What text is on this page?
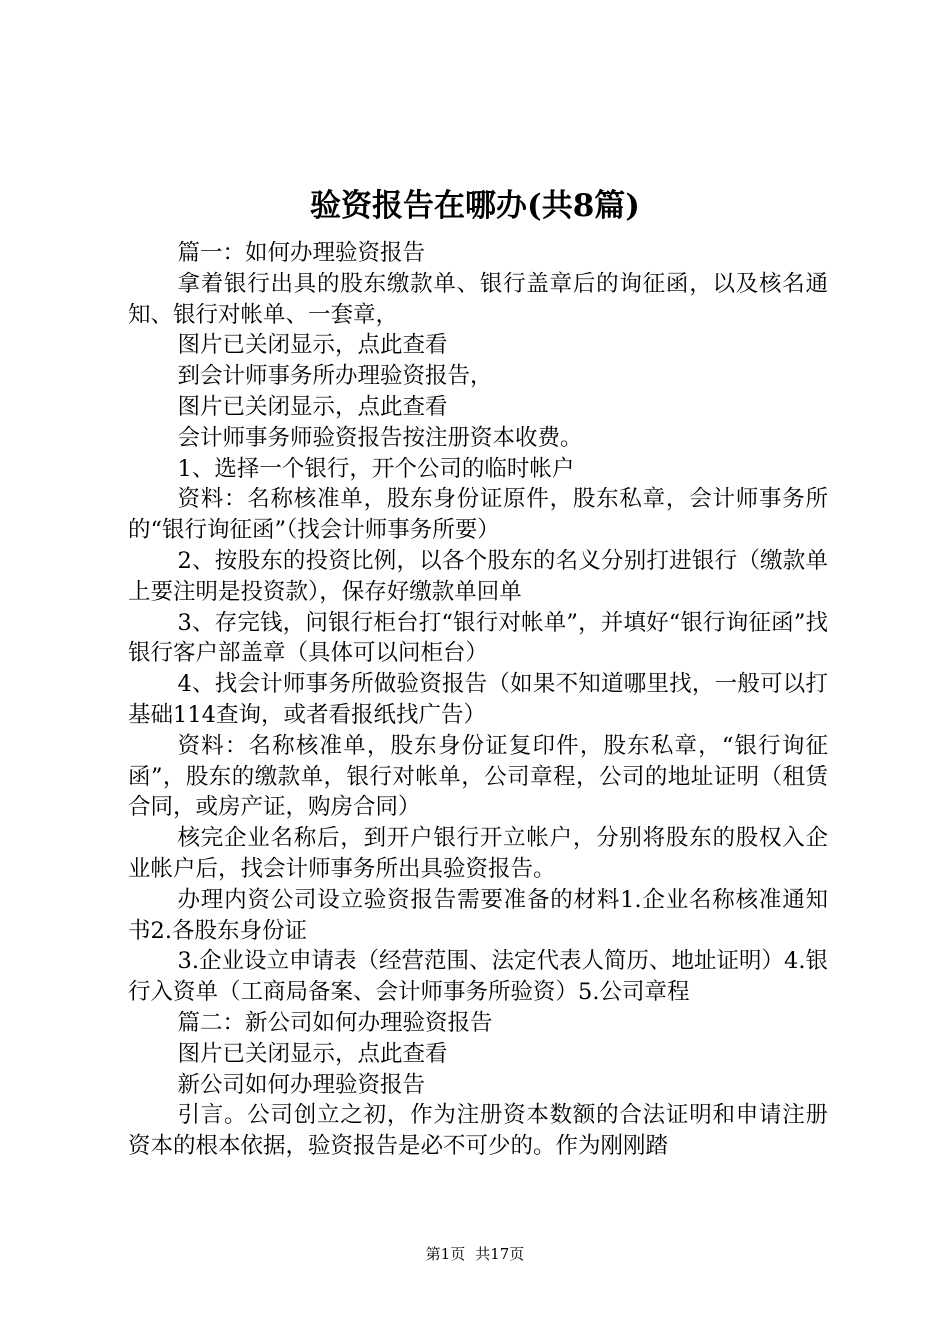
验资报告在哪办(共8篇)

篇一：如何办理验资报告

拿着银行出具的股东缴款单、银行盖章后的询征函，以及核名通知、银行对帐单、一套章，

图片已关闭显示，点此查看

到会计师事务所办理验资报告，

图片已关闭显示，点此查看

会计师事务师验资报告按注册资本收费。

1、选择一个银行，开个公司的临时帐户

资料：名称核准单，股东身份证原件，股东私章，会计师事务所的“银行询征函”（找会计师事务所要）

2、按股东的投资比例，以各个股东的名义分别打进银行（缴款单上要注明是投资款），保存好缴款单回单

3、存完钱，问银行柜台打“银行对帐单”，并填好“银行询征函”找银行客户部盖章（具体可以问柜台）

4、找会计师事务所做验资报告（如果不知道哪里找，一般可以打基础114查询，或者看报纸找广告）

资料：名称核准单，股东身份证复印件，股东私章，“银行询征函”，股东的缴款单，银行对帐单，公司章程，公司的地址证明（租赁合同，或房产证，购房合同）

核完企业名称后，到开户银行开立帐户，分别将股东的股权入企业帐户后，找会计师事务所出具验资报告。

办理内资公司设立验资报告需要准备的材料1.企业名称核准通知书2.各股东身份证

3.企业设立申请表（经营范围、法定代表人简历、地址证明）4.银行入资单（工商局备案、会计师事务所验资）5.公司章程

篇二：新公司如何办理验资报告

图片已关闭显示，点此查看

新公司如何办理验资报告

引言。公司创立之初，作为注册资本数额的合法证明和申请注册资本的根本依据，验资报告是必不可少的。作为刚刚踏

第1页 共17页
